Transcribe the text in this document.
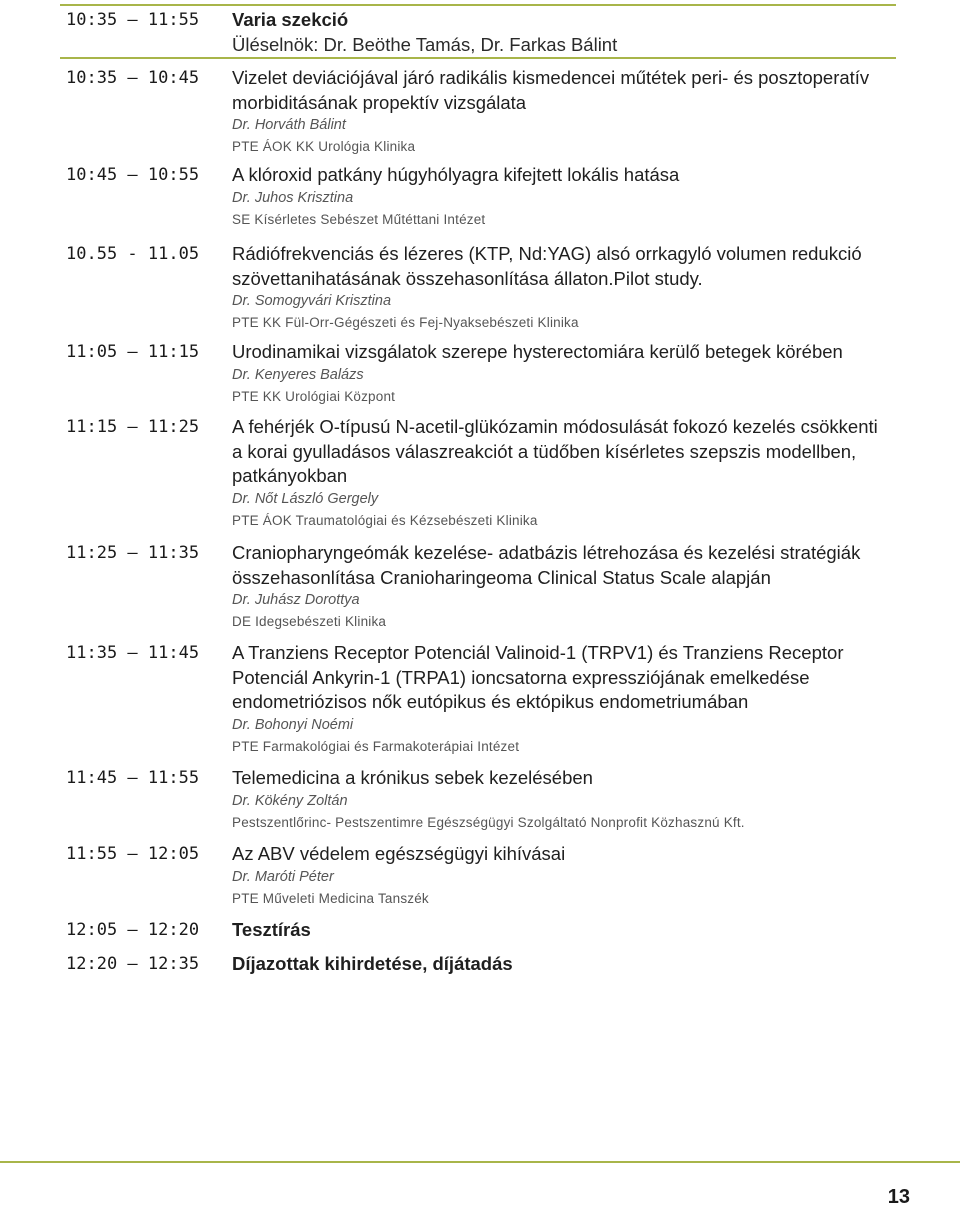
10:35 – 11:55	Varia szekció

Üléselnök: Dr. Beöthe Tamás, Dr. Farkas Bálint

10:35 – 10:45	Vizelet deviációjával járó radikális kismedencei műtétek peri- és posztoperatív

morbiditásának propektív vizsgálata

Dr. Horváth Bálint

PTE ÁOK KK Urológia Klinika

10:45 – 10:55	A klóroxid patkány húgyhólyagra kifejtett lokális hatása

Dr. Juhos Krisztina

SE Kísérletes Sebészet Műtéttani Intézet

10.55 - 11.05	Rádiófrekvenciás és lézeres (KTP, Nd:YAG) alsó orrkagyló volumen redukció

szövettanihatásának összehasonlítása állaton.Pilot study.

Dr. Somogyvári Krisztina

PTE KK Fül-Orr-Gégészeti és Fej-Nyaksebészeti Klinika

11:05 – 11:15	Urodinamikai vizsgálatok szerepe hysterectomiára kerülő betegek körében

Dr. Kenyeres Balázs

PTE KK Urológiai Központ

11:15 – 11:25	A fehérjék O-típusú N-acetil-glükózamin módosulását fokozó kezelés csökkenti

a korai gyulladásos válaszreakciót a tüdőben kísérletes szepszis modellben,

patkányokban

Dr. Nőt László Gergely

PTE ÁOK Traumatológiai és Kézsebészeti Klinika

11:25 – 11:35	Craniopharyngeómák kezelése- adatbázis létrehozása és kezelési stratégiák

összehasonlítása Cranioharingeoma Clinical Status Scale alapján

Dr. Juhász Dorottya

DE Idegsebészeti Klinika

11:35 – 11:45	A Tranziens Receptor Potenciál Valinoid-1 (TRPV1) és Tranziens Receptor

Potenciál Ankyrin-1 (TRPA1) ioncsatorna expressziójának emelkedése

endometriózisos nők eutópikus és ektópikus endometriumában

Dr. Bohonyi Noémi

PTE Farmakológiai és Farmakoterápiai Intézet

11:45 – 11:55	Telemedicina a krónikus sebek kezelésében

Dr. Kökény Zoltán

Pestszentlőrinc- Pestszentimre Egészségügyi Szolgáltató Nonprofit Közhasznú Kft.

11:55 – 12:05	Az ABV védelem egészségügyi kihívásai

Dr. Maróti Péter

PTE Műveleti Medicina Tanszék

12:05 – 12:20	Tesztírás

12:20 – 12:35	Díjazottak kihirdetése, díjátadás

13
